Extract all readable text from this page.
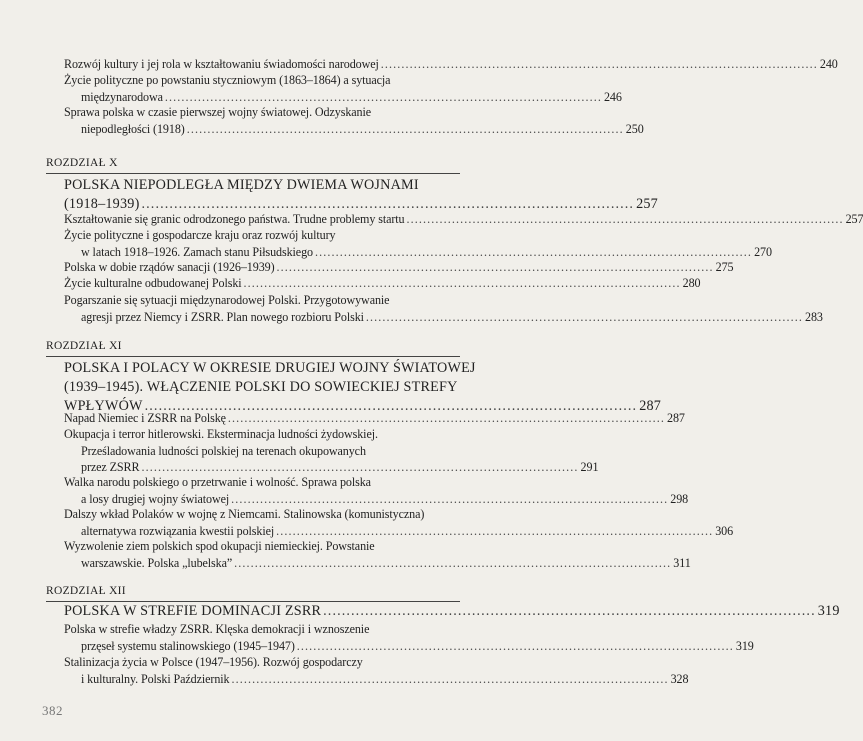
Rozwój kultury i jej rola w kształtowaniu świadomości narodowej .......................................................................................................... 240
Życie polityczne po powstaniu styczniowym (1863–1864) a sytuacja
międzynarodowa .......................................................................................................... 246
Sprawa polska w czasie pierwszej wojny światowej. Odzyskanie
niepodległości (1918) .......................................................................................................... 250
ROZDZIAŁ X
POLSKA NIEPODLEGŁA MIĘDZY DWIEMA WOJNAMI
(1918–1939) .......................................................................................................... 257
Kształtowanie się granic odrodzonego państwa. Trudne problemy startu .......................................................................................................... 257
Życie polityczne i gospodarcze kraju oraz rozwój kultury
w latach 1918–1926. Zamach stanu Piłsudskiego .......................................................................................................... 270
Polska w dobie rządów sanacji (1926–1939) .......................................................................................................... 275
Życie kulturalne odbudowanej Polski .......................................................................................................... 280
Pogarszanie się sytuacji międzynarodowej Polski. Przygotowywanie
agresji przez Niemcy i ZSRR. Plan nowego rozbioru Polski .......................................................................................................... 283
ROZDZIAŁ XI
POLSKA I POLACY W OKRESIE DRUGIEJ WOJNY ŚWIATOWEJ
(1939–1945). WŁĄCZENIE POLSKI DO SOWIECKIEJ STREFY
WPŁYWÓW .......................................................................................................... 287
Napad Niemiec i ZSRR na Polskę .......................................................................................................... 287
Okupacja i terror hitlerowski. Eksterminacja ludności żydowskiej.
Prześladowania ludności polskiej na terenach okupowanych
przez ZSRR .......................................................................................................... 291
Walka narodu polskiego o przetrwanie i wolność. Sprawa polska
a losy drugiej wojny światowej .......................................................................................................... 298
Dalszy wkład Polaków w wojnę z Niemcami. Stalinowska (komunistyczna)
alternatywa rozwiązania kwestii polskiej .......................................................................................................... 306
Wyzwolenie ziem polskich spod okupacji niemieckiej. Powstanie
warszawskie. Polska „lubelska” .......................................................................................................... 311
ROZDZIAŁ XII
POLSKA W STREFIE DOMINACJI ZSRR .......................................................................................................... 319
Polska w strefie władzy ZSRR. Klęska demokracji i wznoszenie
przęseł systemu stalinowskiego (1945–1947) .......................................................................................................... 319
Stalinizacja życia w Polsce (1947–1956). Rozwój gospodarczy
i kulturalny. Polski Październik .......................................................................................................... 328
382
